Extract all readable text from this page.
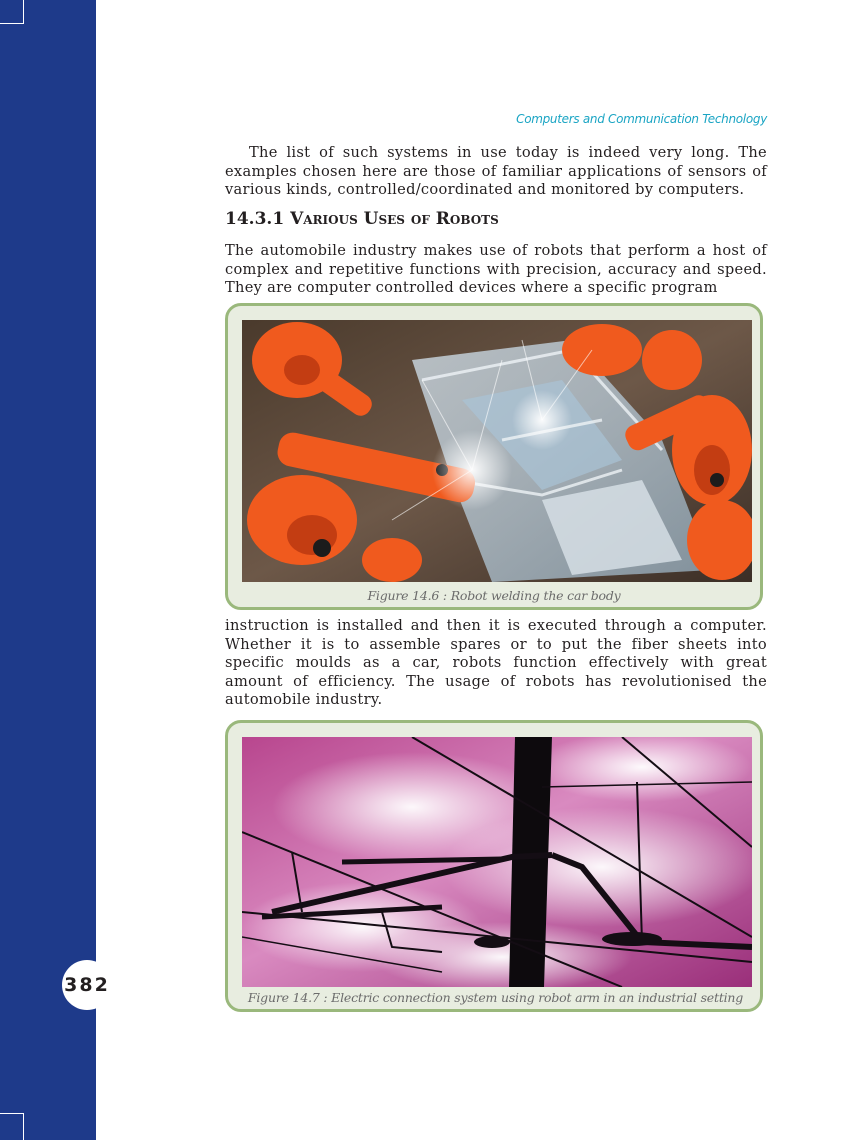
382
Computers and Communication Technology

The list of such systems in use today is indeed very long. The examples chosen here are those of familiar applications of sensors of various kinds, controlled/coordinated and monitored by computers.

14.3.1 Various Uses of Robots

The automobile industry makes use of robots that perform a host of complex and repetitive functions with precision, accuracy and speed. They are computer controlled devices where a specific program

Figure 14.6 : Robot welding the car body

instruction is installed and then it is executed through a computer. Whether it is to assemble spares or to put the fiber sheets into specific moulds as a car, robots function effectively with great amount of efficiency. The usage of robots has revolutionised the automobile industry.

Figure 14.7 : Electric connection system using robot arm in an industrial setting
